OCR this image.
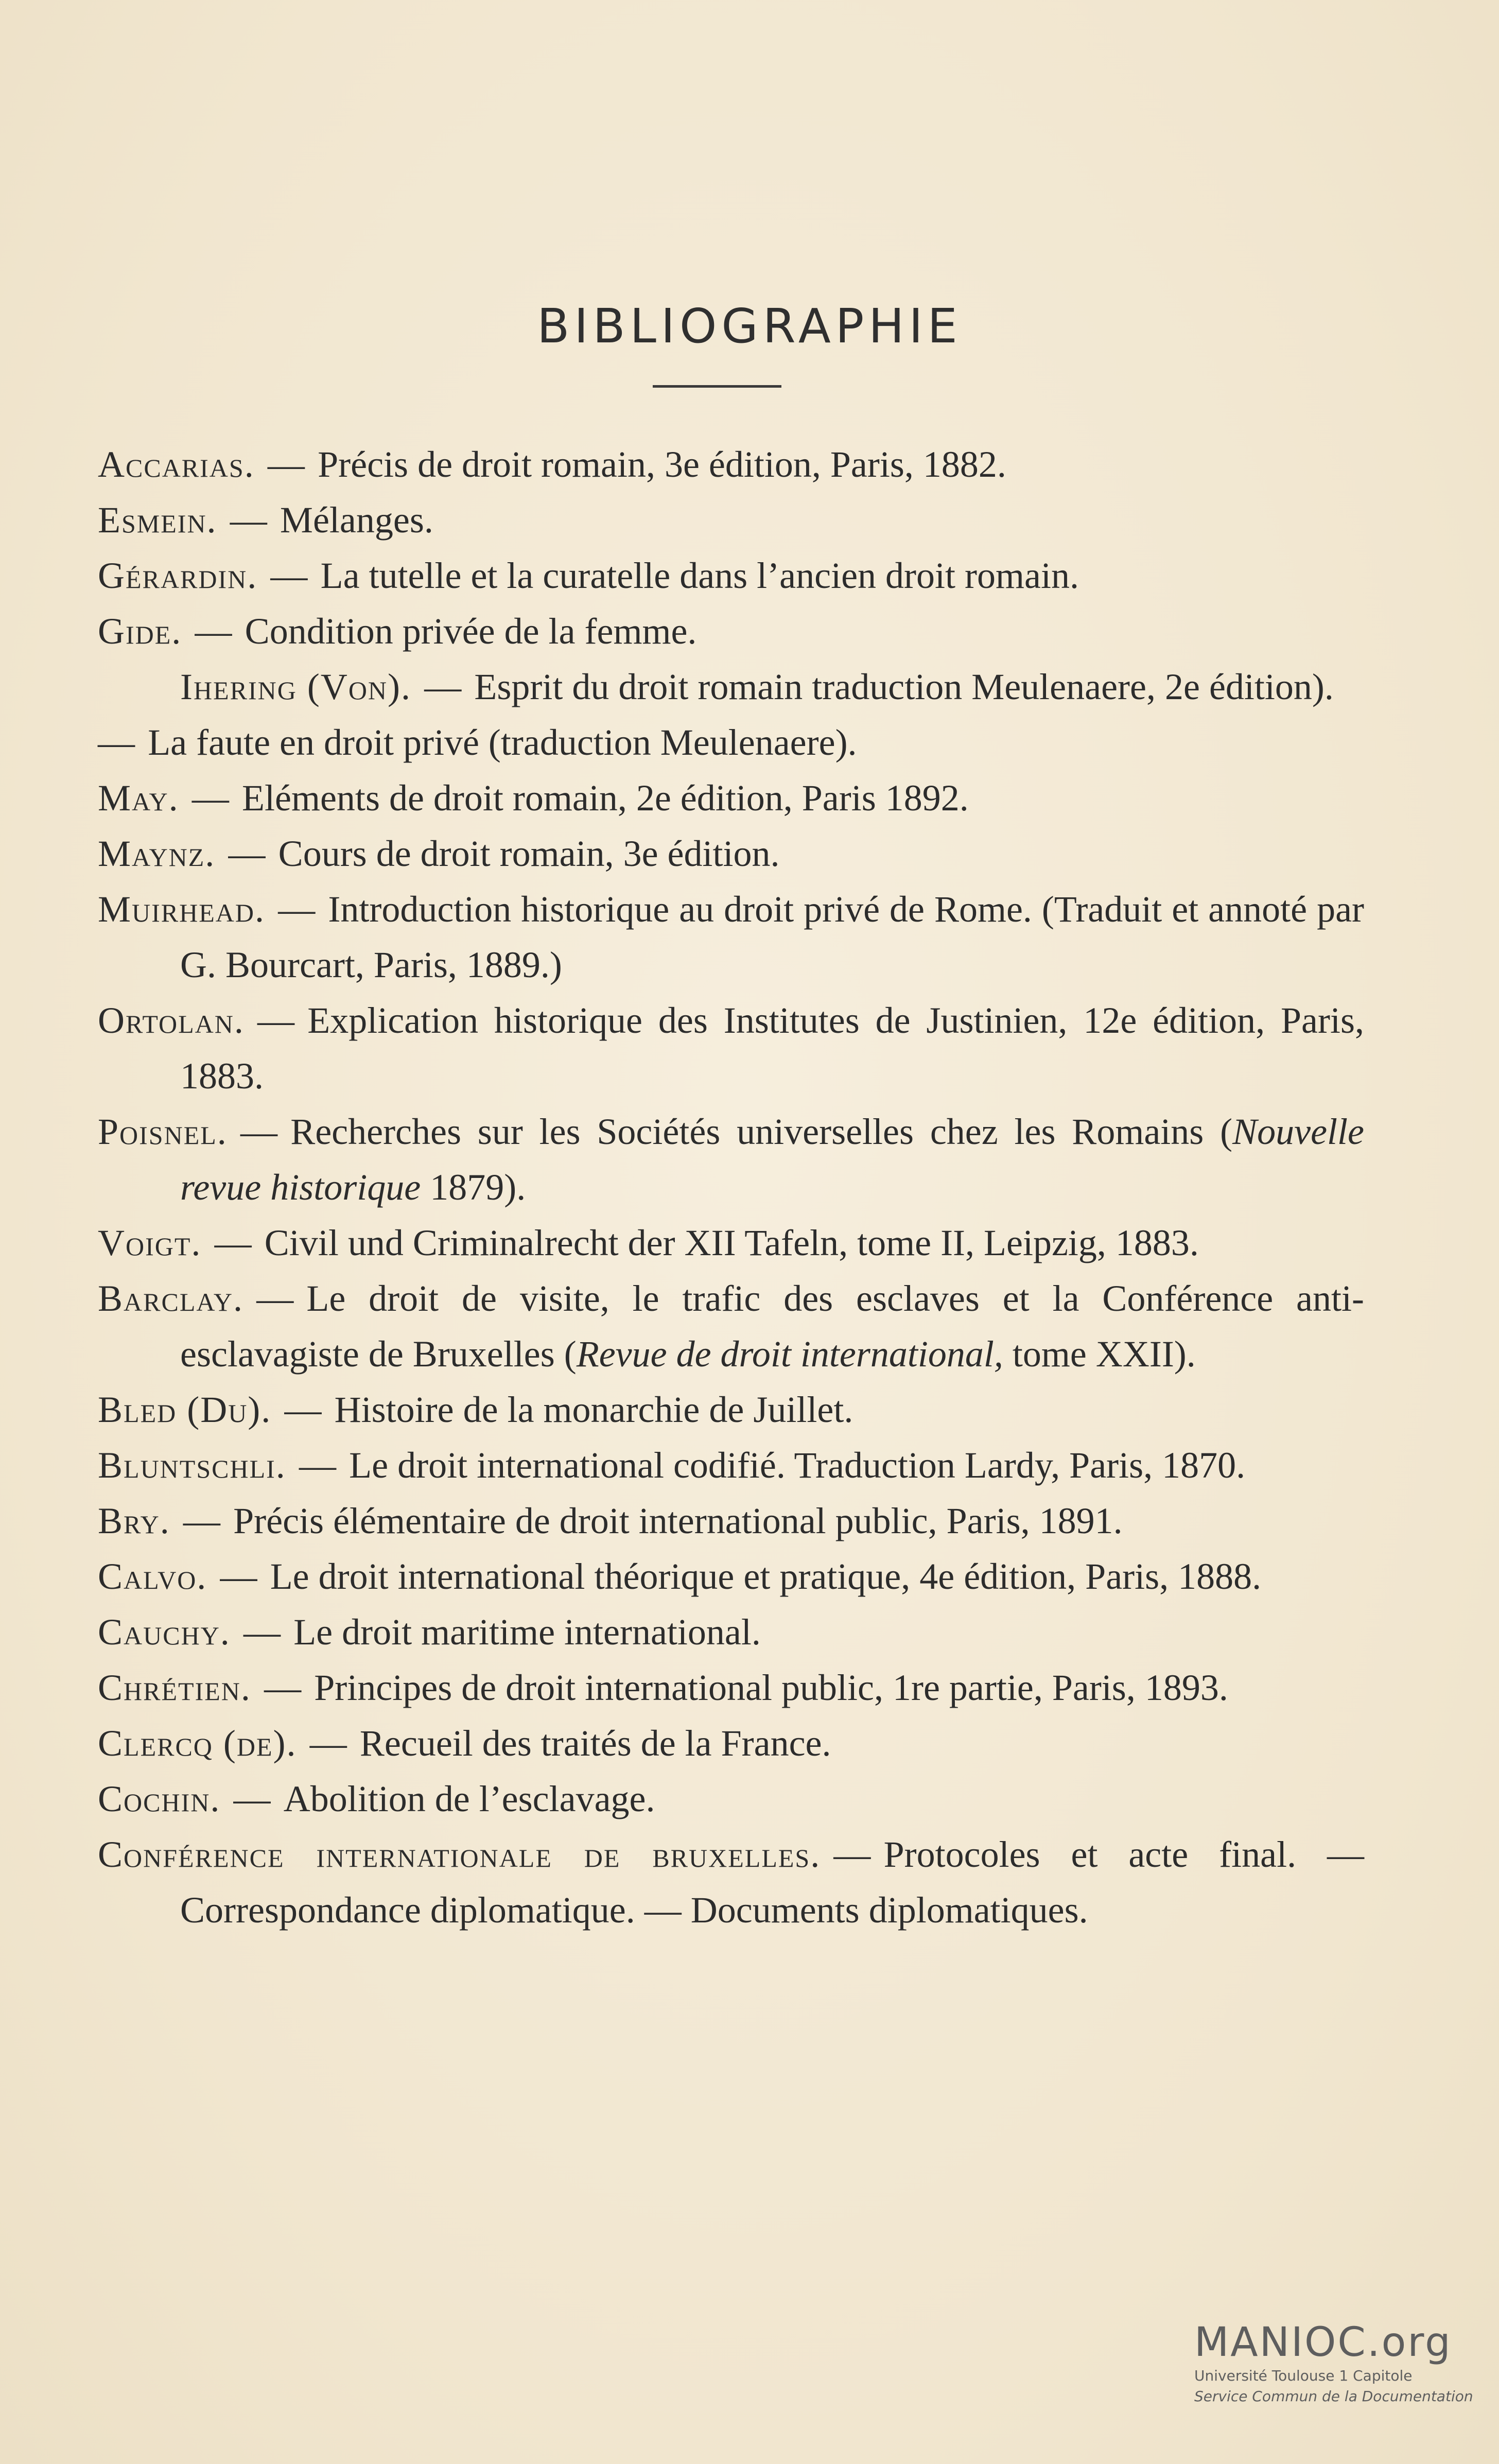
BIBLIOGRAPHIE

Accarias. — Précis de droit romain, 3e édition, Paris, 1882.

Esmein. — Mélanges.

Gérardin. — La tutelle et la curatelle dans l’ancien droit romain.

Gide. — Condition privée de la femme.

Ihering (Von). — Esprit du droit romain traduction Meulenaere, 2e édition).

— La faute en droit privé (traduction Meulenaere).

May. — Eléments de droit romain, 2e édition, Paris 1892.

Maynz. — Cours de droit romain, 3e édition.

Muirhead. — Introduction historique au droit privé de Rome. (Traduit et annoté par G. Bourcart, Paris, 1889.)

Ortolan. — Explication historique des Institutes de Justinien, 12e édition, Paris, 1883.

Poisnel. — Recherches sur les Sociétés universelles chez les Romains (Nouvelle revue historique 1879).

Voigt. — Civil und Criminalrecht der XII Tafeln, tome II, Leipzig, 1883.

Barclay. — Le droit de visite, le trafic des esclaves et la Conférence anti-esclavagiste de Bruxelles (Revue de droit international, tome XXII).

Bled (Du). — Histoire de la monarchie de Juillet.

Bluntschli. — Le droit international codifié. Traduction Lardy, Paris, 1870.

Bry. — Précis élémentaire de droit international public, Paris, 1891.

Calvo. — Le droit international théorique et pratique, 4e édition, Paris, 1888.

Cauchy. — Le droit maritime international.

Chrétien. — Principes de droit international public, 1re partie, Paris, 1893.

Clercq (de). — Recueil des traités de la France.

Cochin. — Abolition de l’esclavage.

Conférence internationale de bruxelles. — Protocoles et acte final. — Correspondance diplomatique. — Documents diplomatiques.

MANIOC.org
Université Toulouse 1 Capitole
Service Commun de la Documentation
